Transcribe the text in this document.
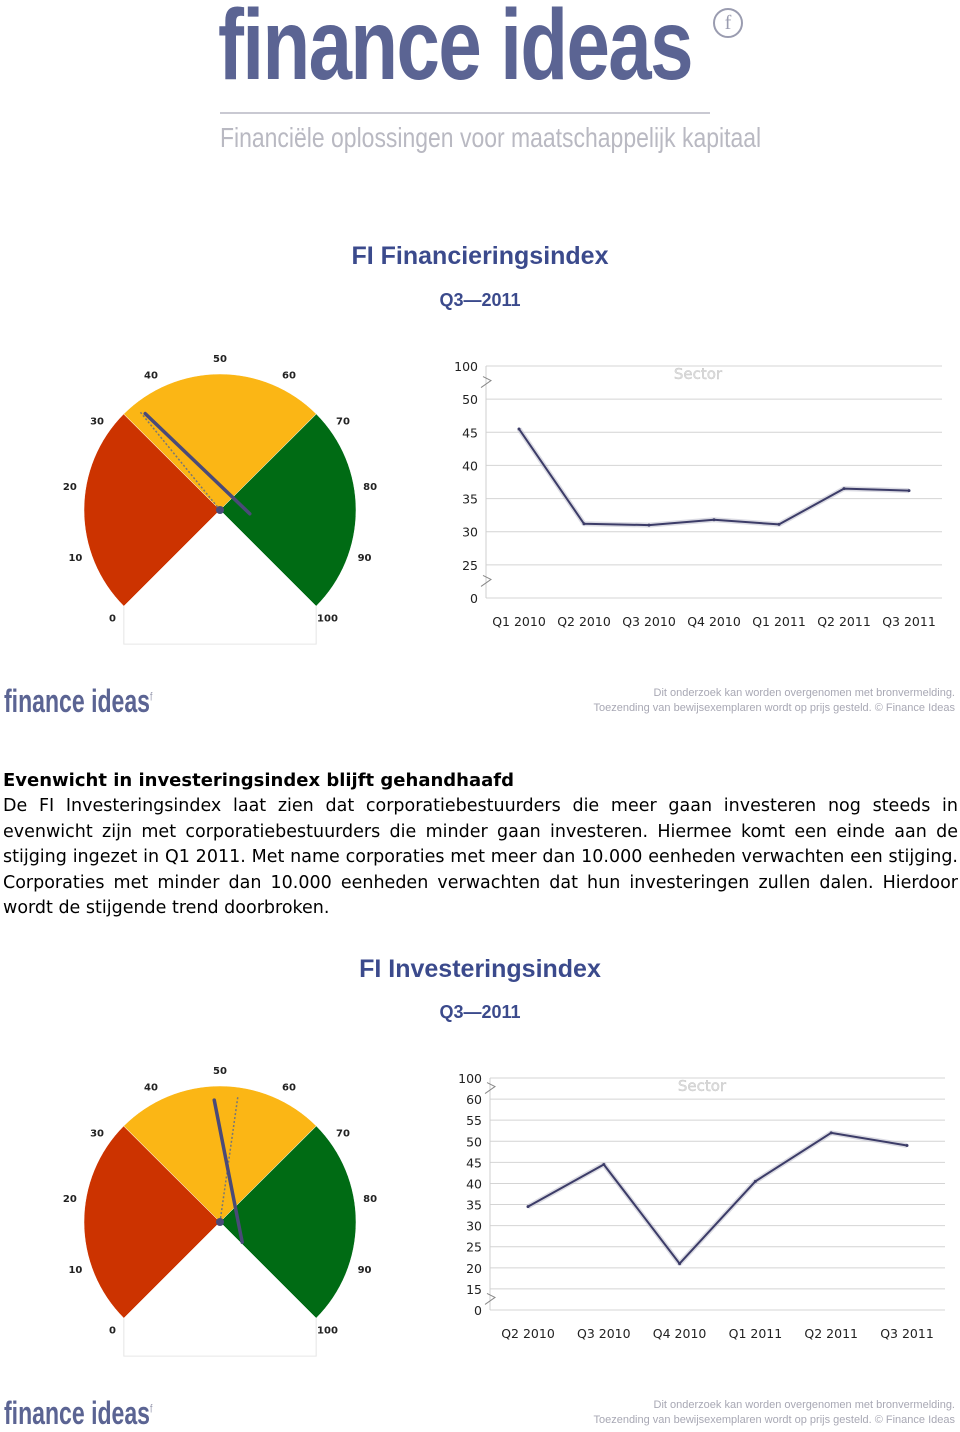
finance ideas	f
Financiële oplossingen voor maatschappelijk kapitaal
FI Financieringsindex
Q3—2011
0
10
20
30
40
50
60
70
80
90
100
100
50
45
40
35
30
25
0
Q1 2010 Q2 2010 Q3 2010 Q4 2010 Q1 2011 Q2 2011 Q3 2011
Sector
finance ideas$^f$	Dit onderzoek kan worden overgenomen met bronvermelding.
Toezending van bewijsexemplaren wordt op prijs gesteld. © Finance Ideas
Evenwicht in investeringsindex blijft gehandhaafd

De FI Investeringsindex laat zien dat corporatiebestuurders die meer gaan investeren nog steeds in evenwicht zijn met corporatiebestuurders die minder gaan investeren. Hiermee komt een einde aan de stijging ingezet in Q1 2011. Met name corporaties met meer dan 10.000 eenheden verwachten een stijging. Corporaties met minder dan 10.000 eenheden verwachten dat hun investeringen zullen dalen. Hierdoor wordt de stijgende trend doorbroken.

FI Investeringsindex
Q3—2011
0
10
20
30
40
50
60
70
80
90
100
100
60
55
50
45
40
35
30
25
20
15
0
Q2 2010 Q3 2010 Q4 2010 Q1 2011 Q2 2011 Q3 2011
Sector
finance ideas$^f$	Dit onderzoek kan worden overgenomen met bronvermelding.
Toezending van bewijsexemplaren wordt op prijs gesteld. © Finance Ideas
